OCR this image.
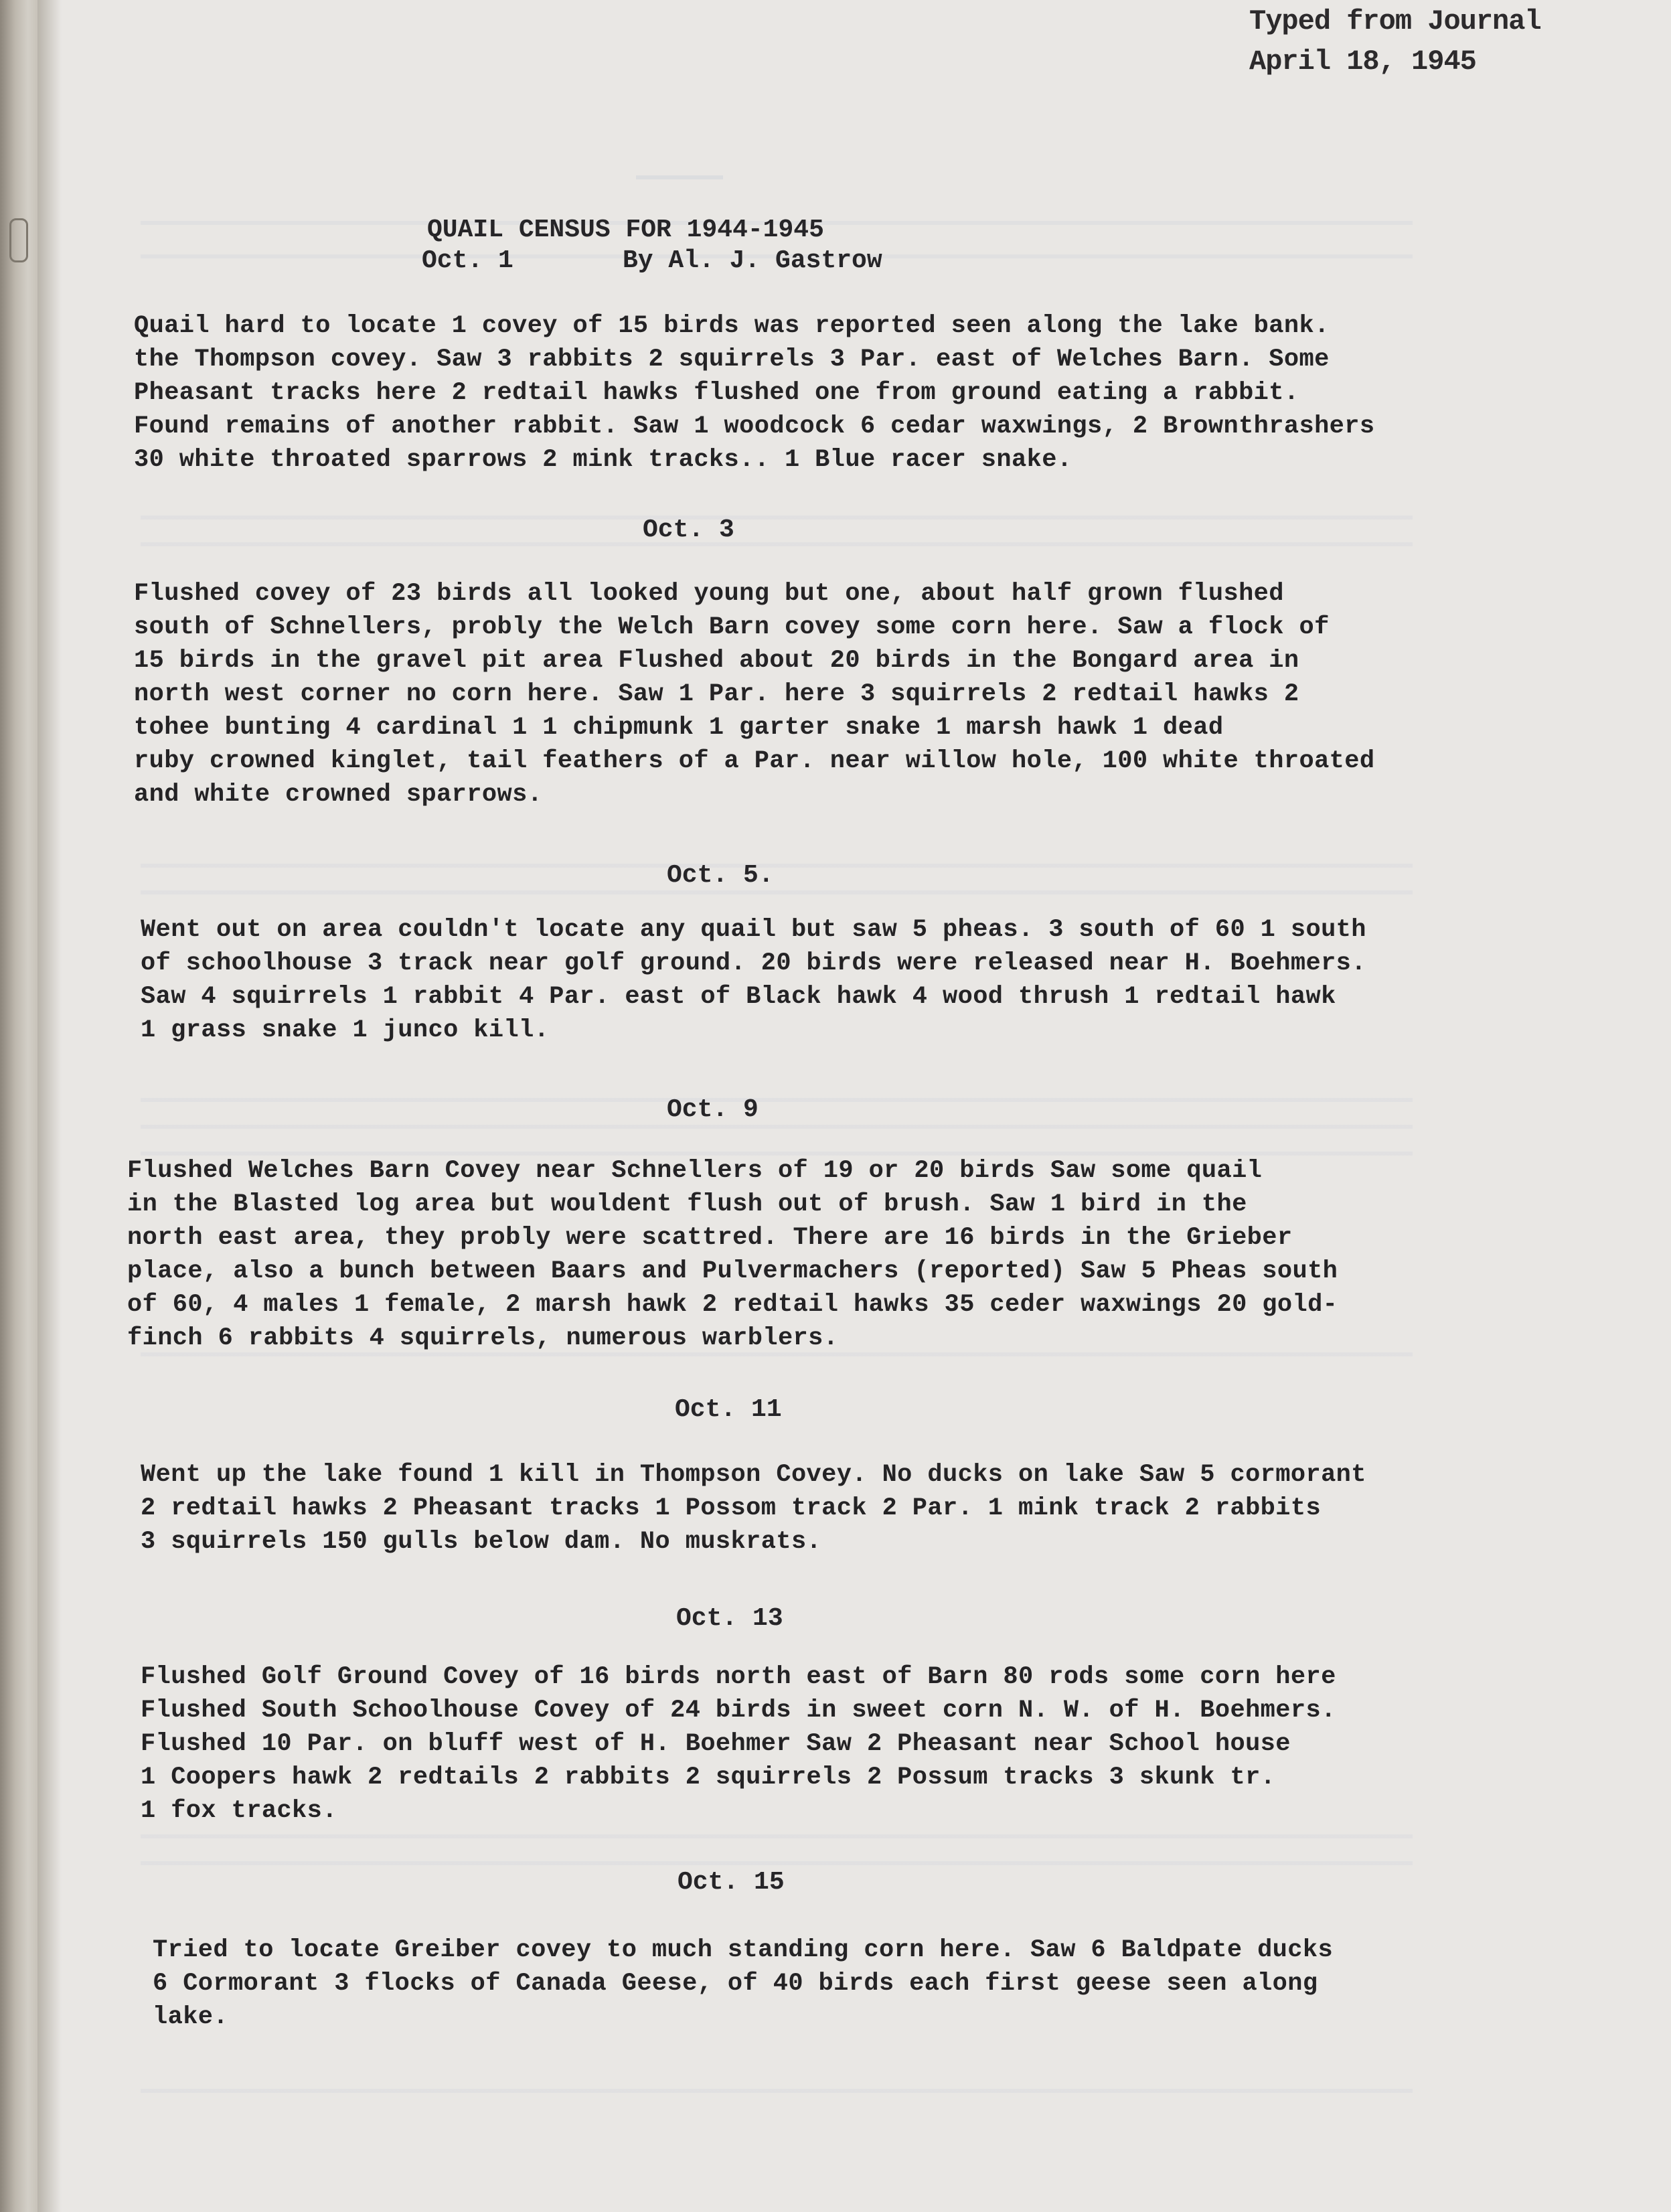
Typed from Journal
April 18, 1945
QUAIL CENSUS FOR 1944-1945
Oct. 1	By Al. J. Gastrow
Quail hard to locate 1 covey of 15 birds was reported seen along the lake bank.
the Thompson covey. Saw 3 rabbits 2 squirrels 3 Par. east of Welches Barn. Some
Pheasant tracks here 2 redtail hawks flushed one from ground eating a rabbit.
Found remains of another rabbit. Saw 1 woodcock 6 cedar waxwings, 2 Brownthrashers
30 white throated sparrows 2 mink tracks.. 1 Blue racer snake.
Oct. 3
Flushed covey of 23 birds all looked young but one, about half grown flushed
south of Schnellers, probly the Welch Barn covey some corn here. Saw a flock of
15 birds in the gravel pit area Flushed about 20 birds in the Bongard area in
north west corner no corn here. Saw 1 Par. here 3 squirrels 2 redtail hawks 2
tohee bunting 4 cardinal 1 1 chipmunk 1 garter snake 1 marsh hawk 1 dead
ruby crowned kinglet, tail feathers of a Par. near willow hole, 100 white throated
and white crowned sparrows.
Oct. 5.
Went out on area couldn't locate any quail but saw 5 pheas. 3 south of 60 1 south
of schoolhouse 3 track near golf ground. 20 birds were released near H. Boehmers.
Saw 4 squirrels 1 rabbit 4 Par. east of Black hawk 4 wood thrush 1 redtail hawk
1 grass snake 1 junco kill.
Oct. 9
Flushed Welches Barn Covey near Schnellers of 19 or 20 birds Saw some quail
in the Blasted log area but wouldent flush out of brush. Saw 1 bird in the
north east area, they probly were scattred. There are 16 birds in the Grieber
place, also a bunch between Baars and Pulvermachers (reported) Saw 5 Pheas south
of 60, 4 males 1 female, 2 marsh hawk 2 redtail hawks 35 ceder waxwings 20 gold-
finch 6 rabbits 4 squirrels, numerous warblers.
Oct. 11
Went up the lake found 1 kill in Thompson Covey. No ducks on lake Saw 5 cormorant
2 redtail hawks 2 Pheasant tracks 1 Possom track 2 Par. 1 mink track 2 rabbits
3 squirrels 150 gulls below dam. No muskrats.
Oct. 13
Flushed Golf Ground Covey of 16 birds north east of Barn 80 rods some corn here
Flushed South Schoolhouse Covey of 24 birds in sweet corn N. W. of H. Boehmers.
Flushed 10 Par. on bluff west of H. Boehmer Saw 2 Pheasant near School house
1 Coopers hawk 2 redtails 2 rabbits 2 squirrels 2 Possum tracks 3 skunk tr.
1 fox tracks.
Oct. 15
Tried to locate Greiber covey to much standing corn here. Saw 6 Baldpate ducks
6 Cormorant 3 flocks of Canada Geese, of 40 birds each first geese seen along
lake.
